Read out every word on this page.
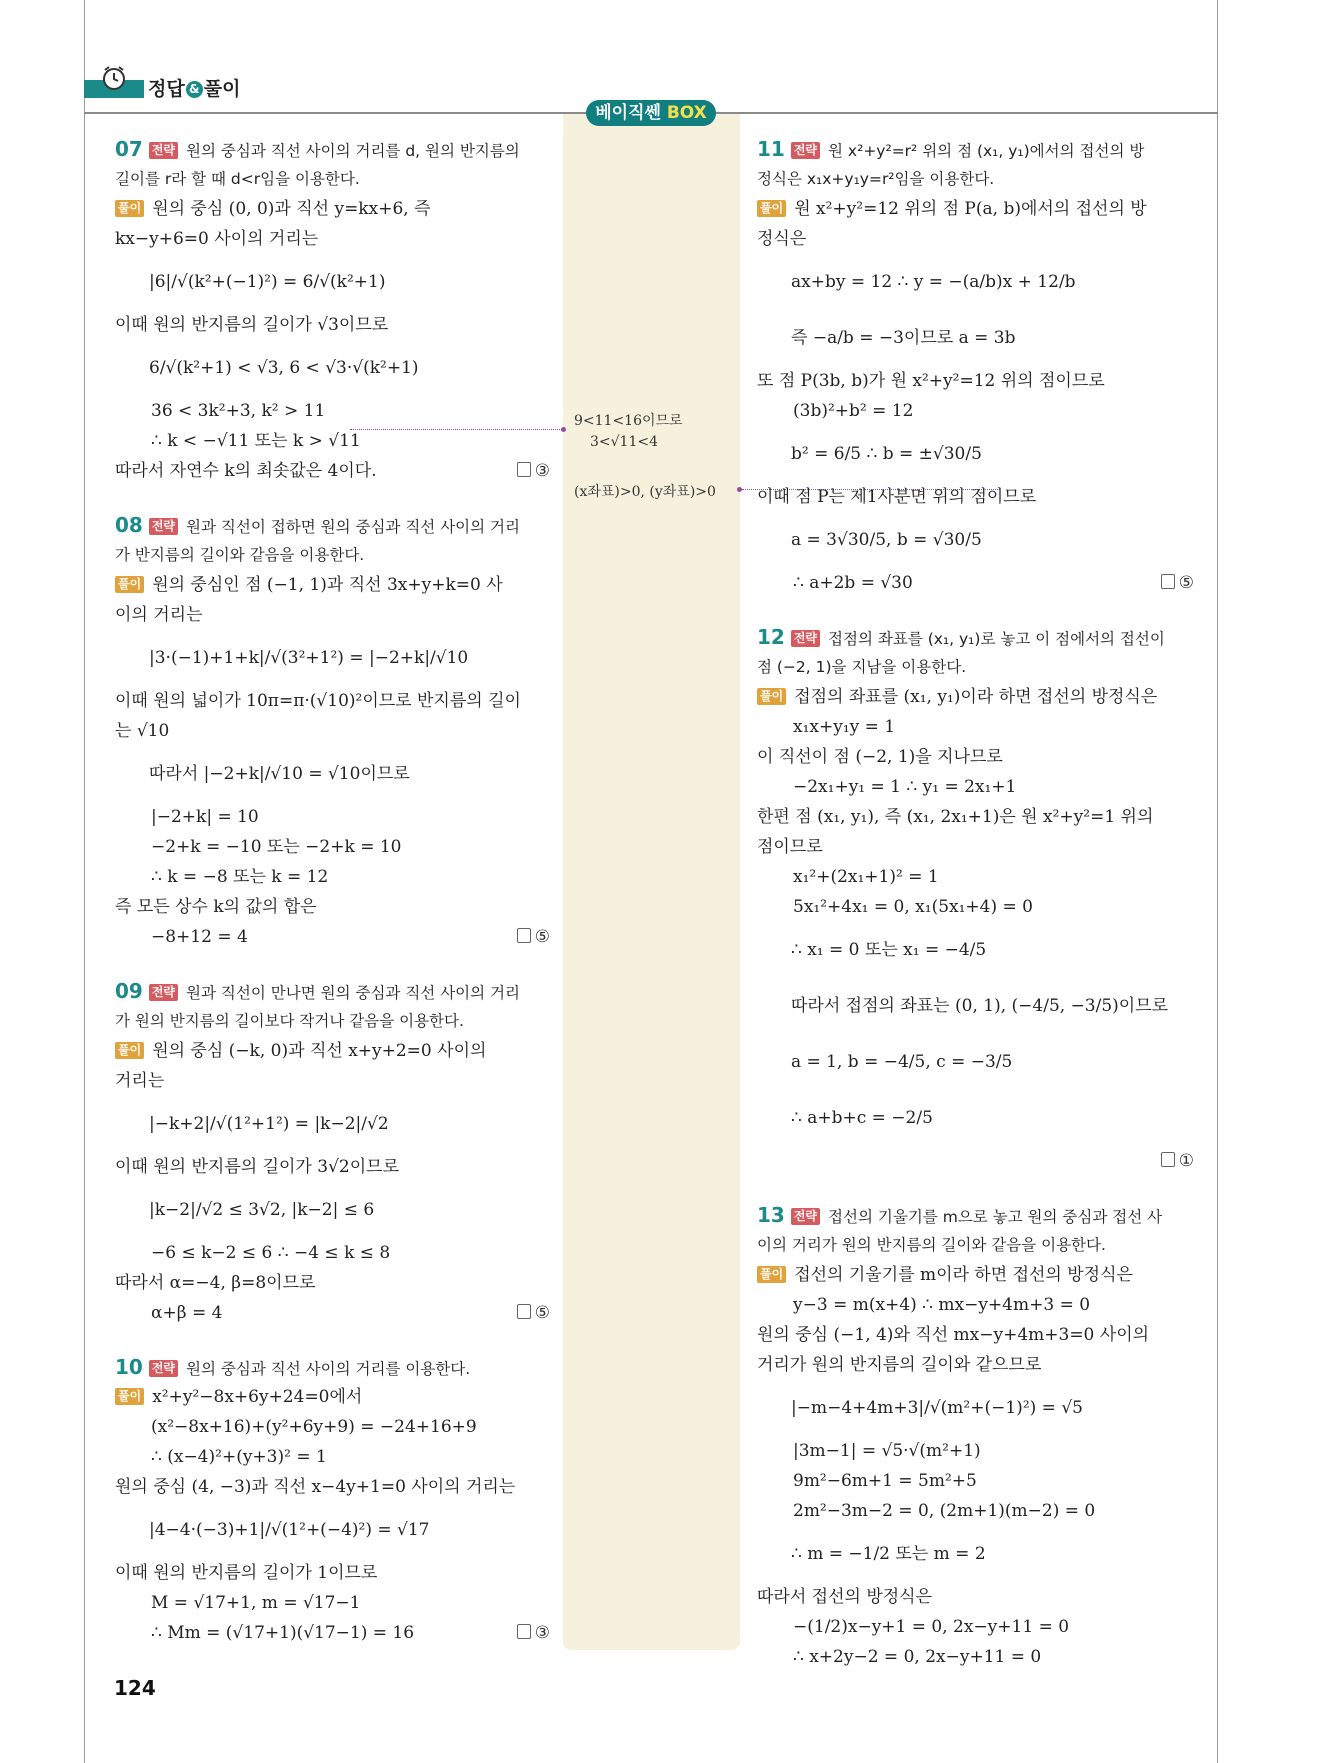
정답 & 풀이
베이직쎈 BOX
9<11<16이므로
3<√11<4
(x좌표)>0, (y좌표)>0
07 전략 원의 중심과 직선 사이의 거리를 d, 원의 반지름의
길이를 r라 할 때 d<r임을 이용한다.
풀이 원의 중심 (0, 0)과 직선 y=kx+6, 즉
kx−y+6=0 사이의 거리는
|6|/√(k²+(−1)²) = 6/√(k²+1)
이때 원의 반지름의 길이가 √3이므로
6/√(k²+1) < √3, 6 < √3·√(k²+1)
36 < 3k²+3, k² > 11
∴ k < −√11 또는 k > √11
따라서 자연수 k의 최솟값은 4이다.	③
08 전략 원과 직선이 접하면 원의 중심과 직선 사이의 거리
가 반지름의 길이와 같음을 이용한다.
풀이 원의 중심인 점 (−1, 1)과 직선 3x+y+k=0 사
이의 거리는
|3·(−1)+1+k|/√(3²+1²) = |−2+k|/√10
이때 원의 넓이가 10π=π·(√10)²이므로 반지름의 길이
는 √10
따라서 |−2+k|/√10 = √10이므로
|−2+k| = 10
−2+k = −10 또는 −2+k = 10
∴ k = −8 또는 k = 12
즉 모든 상수 k의 값의 합은
−8+12 = 4	⑤
09 전략 원과 직선이 만나면 원의 중심과 직선 사이의 거리
가 원의 반지름의 길이보다 작거나 같음을 이용한다.
풀이 원의 중심 (−k, 0)과 직선 x+y+2=0 사이의
거리는
|−k+2|/√(1²+1²) = |k−2|/√2
이때 원의 반지름의 길이가 3√2이므로
|k−2|/√2 ≤ 3√2, |k−2| ≤ 6
−6 ≤ k−2 ≤ 6 ∴ −4 ≤ k ≤ 8
따라서 α=−4, β=8이므로
α+β = 4	⑤
10 전략 원의 중심과 직선 사이의 거리를 이용한다.
풀이 x²+y²−8x+6y+24=0에서
(x²−8x+16)+(y²+6y+9) = −24+16+9
∴ (x−4)²+(y+3)² = 1
원의 중심 (4, −3)과 직선 x−4y+1=0 사이의 거리는
|4−4·(−3)+1|/√(1²+(−4)²) = √17
이때 원의 반지름의 길이가 1이므로
M = √17+1, m = √17−1
∴ Mm = (√17+1)(√17−1) = 16	③
11 전략 원 x²+y²=r² 위의 점 (x₁, y₁)에서의 접선의 방
정식은 x₁x+y₁y=r²임을 이용한다.
풀이 원 x²+y²=12 위의 점 P(a, b)에서의 접선의 방
정식은
ax+by = 12 ∴ y = −(a/b)x + 12/b
즉 −a/b = −3이므로 a = 3b
또 점 P(3b, b)가 원 x²+y²=12 위의 점이므로
(3b)²+b² = 12
b² = 6/5 ∴ b = ±√30/5
이때 점 P는 제1사분면 위의 점이므로
a = 3√30/5, b = √30/5
∴ a+2b = √30	⑤
12 전략 접점의 좌표를 (x₁, y₁)로 놓고 이 점에서의 접선이
점 (−2, 1)을 지남을 이용한다.
풀이 접점의 좌표를 (x₁, y₁)이라 하면 접선의 방정식은
x₁x+y₁y = 1
이 직선이 점 (−2, 1)을 지나므로
−2x₁+y₁ = 1 ∴ y₁ = 2x₁+1
한편 점 (x₁, y₁), 즉 (x₁, 2x₁+1)은 원 x²+y²=1 위의
점이므로
x₁²+(2x₁+1)² = 1
5x₁²+4x₁ = 0, x₁(5x₁+4) = 0
∴ x₁ = 0 또는 x₁ = −4/5
따라서 접점의 좌표는 (0, 1), (−4/5, −3/5)이므로
a = 1, b = −4/5, c = −3/5
∴ a+b+c = −2/5
①
13 전략 접선의 기울기를 m으로 놓고 원의 중심과 접선 사
이의 거리가 원의 반지름의 길이와 같음을 이용한다.
풀이 접선의 기울기를 m이라 하면 접선의 방정식은
y−3 = m(x+4) ∴ mx−y+4m+3 = 0
원의 중심 (−1, 4)와 직선 mx−y+4m+3=0 사이의
거리가 원의 반지름의 길이와 같으므로
|−m−4+4m+3|/√(m²+(−1)²) = √5
|3m−1| = √5·√(m²+1)
9m²−6m+1 = 5m²+5
2m²−3m−2 = 0, (2m+1)(m−2) = 0
∴ m = −1/2 또는 m = 2
따라서 접선의 방정식은
−(1/2)x−y+1 = 0, 2x−y+11 = 0
∴ x+2y−2 = 0, 2x−y+11 = 0
124
